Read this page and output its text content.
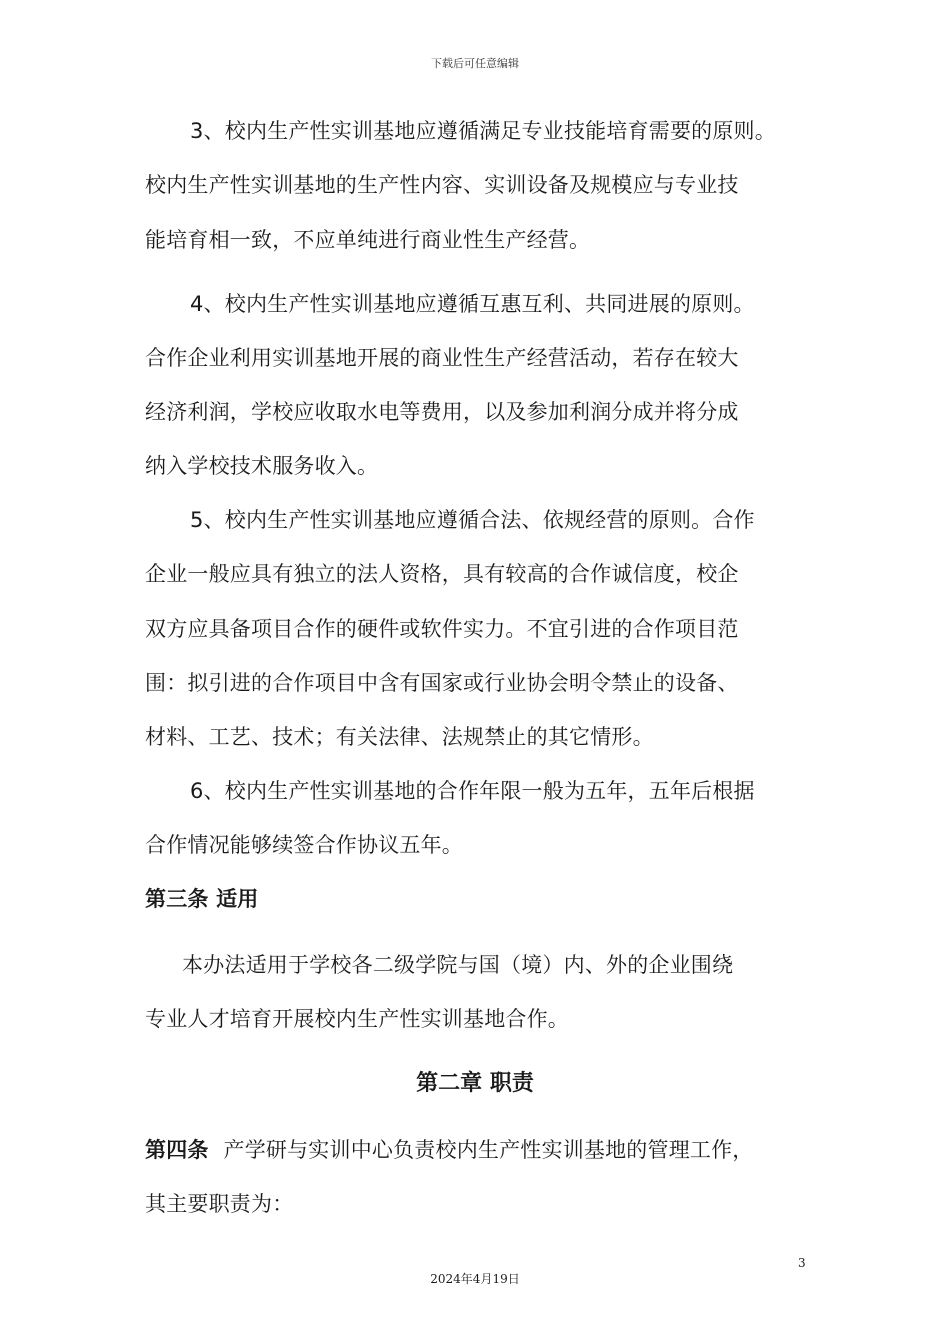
下载后可任意编辑
3、校内生产性实训基地应遵循满足专业技能培育需要的原则。
校内生产性实训基地的生产性内容、实训设备及规模应与专业技
能培育相一致，不应单纯进行商业性生产经营。
4、校内生产性实训基地应遵循互惠互利、共同进展的原则。
合作企业利用实训基地开展的商业性生产经营活动，若存在较大
经济利润，学校应收取水电等费用，以及参加利润分成并将分成
纳入学校技术服务收入。
5、校内生产性实训基地应遵循合法、依规经营的原则。合作
企业一般应具有独立的法人资格，具有较高的合作诚信度，校企
双方应具备项目合作的硬件或软件实力。不宜引进的合作项目范
围：拟引进的合作项目中含有国家或行业协会明令禁止的设备、
材料、工艺、技术；有关法律、法规禁止的其它情形。
6、校内生产性实训基地的合作年限一般为五年，五年后根据
合作情况能够续签合作协议五年。
第三条 适用
本办法适用于学校各二级学院与国（境）内、外的企业围绕
专业人才培育开展校内生产性实训基地合作。
第二章 职责
第四条 产学研与实训中心负责校内生产性实训基地的管理工作，
其主要职责为：
3
2024年4月19日
